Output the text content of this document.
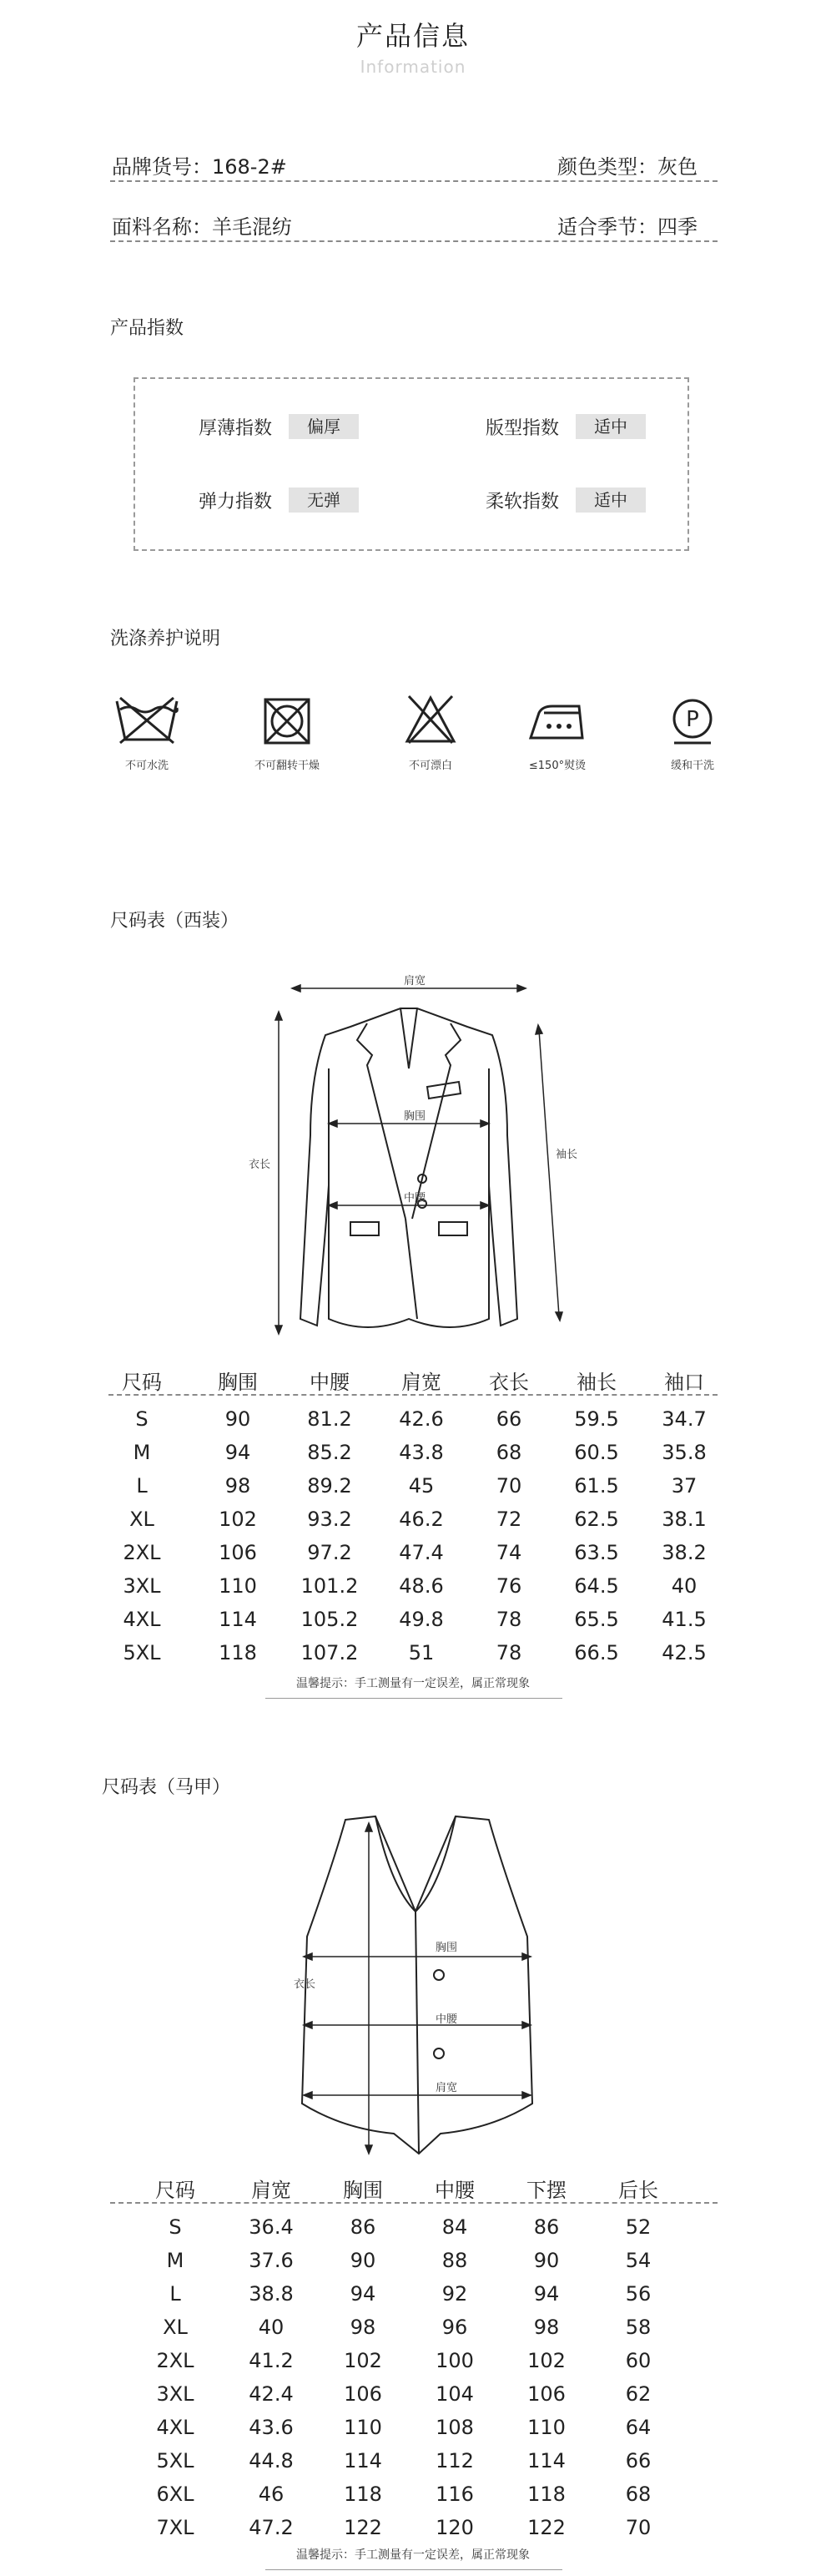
产品信息
Information
品牌货号：168-2#	颜色类型：灰色
面料名称：羊毛混纺	适合季节：四季
产品指数
厚薄指数	偏厚	版型指数	适中
弹力指数	无弹	柔软指数	适中
洗涤养护说明
不可水洗	不可翻转干燥	不可漂白	≤150°熨烫
P
缓和干洗
尺码表（西装）
肩宽
胸围
中腰
衣长
袖长
尺码	胸围	中腰	肩宽	衣长	袖长	袖口
S	90	81.2	42.6	66	59.5	34.7
M	94	85.2	43.8	68	60.5	35.8
L	98	89.2	45	70	61.5	37
XL	102	93.2	46.2	72	62.5	38.1
2XL	106	97.2	47.4	74	63.5	38.2
3XL	110	101.2	48.6	76	64.5	40
4XL	114	105.2	49.8	78	65.5	41.5
5XL	118	107.2	51	78	66.5	42.5
温馨提示：手工测量有一定误差，属正常现象
尺码表（马甲）
胸围
中腰
肩宽
衣长
尺码	肩宽	胸围	中腰	下摆	后长
S	36.4	86	84	86	52
M	37.6	90	88	90	54
L	38.8	94	92	94	56
XL	40	98	96	98	58
2XL	41.2	102	100	102	60
3XL	42.4	106	104	106	62
4XL	43.6	110	108	110	64
5XL	44.8	114	112	114	66
6XL	46	118	116	118	68
7XL	47.2	122	120	122	70
温馨提示：手工测量有一定误差，属正常现象
